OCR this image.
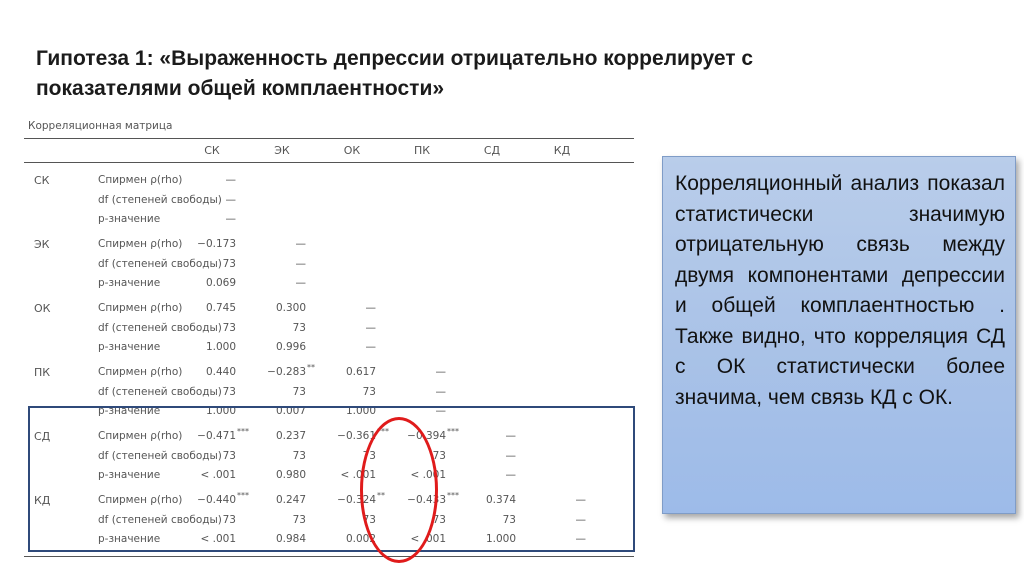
Гипотеза 1: «Выраженность депрессии отрицательно коррелирует с
показателями общей комплаентности»
Корреляционная матрица
СК	ЭК	ОК	ПК	СД	КД
СК	Спирмен ρ(rho)	—
df (степеней свободы) —
p-значение	—
ЭК	Спирмен ρ(rho)	−0.173	—
df (степеней свободы) 73	—
p-значение	0.069	—
ОК	Спирмен ρ(rho)	0.745	0.300	—
df (степеней свободы) 73	73	—
p-значение	1.000	0.996	—
ПК	Спирмен ρ(rho)	0.440	−0.283 **	0.617	—
df (степеней свободы) 73	73	73	—
p-значение	1.000	0.007	1.000	—
СД	Спирмен ρ(rho)	−0.471 ***	0.237	−0.361 ***	−0.394 ***	—
df (степеней свободы) 73	73	73	73	—
p-значение	< .001	0.980	< .001	< .001	—
КД	Спирмен ρ(rho)	−0.440 ***	0.247	−0.324 **	−0.433 ***	0.374	—
df (степеней свободы) 73	73	73	73	73	—
p-значение	< .001	0.984	0.002	< .001	1.000	—
Корреляционный анализ показал статистически значимую отрицательную связь между двумя компонентами депрессии и общей комплаентностью . Также видно, что корреляция СД с ОК статистически более значима, чем связь КД с ОК.
